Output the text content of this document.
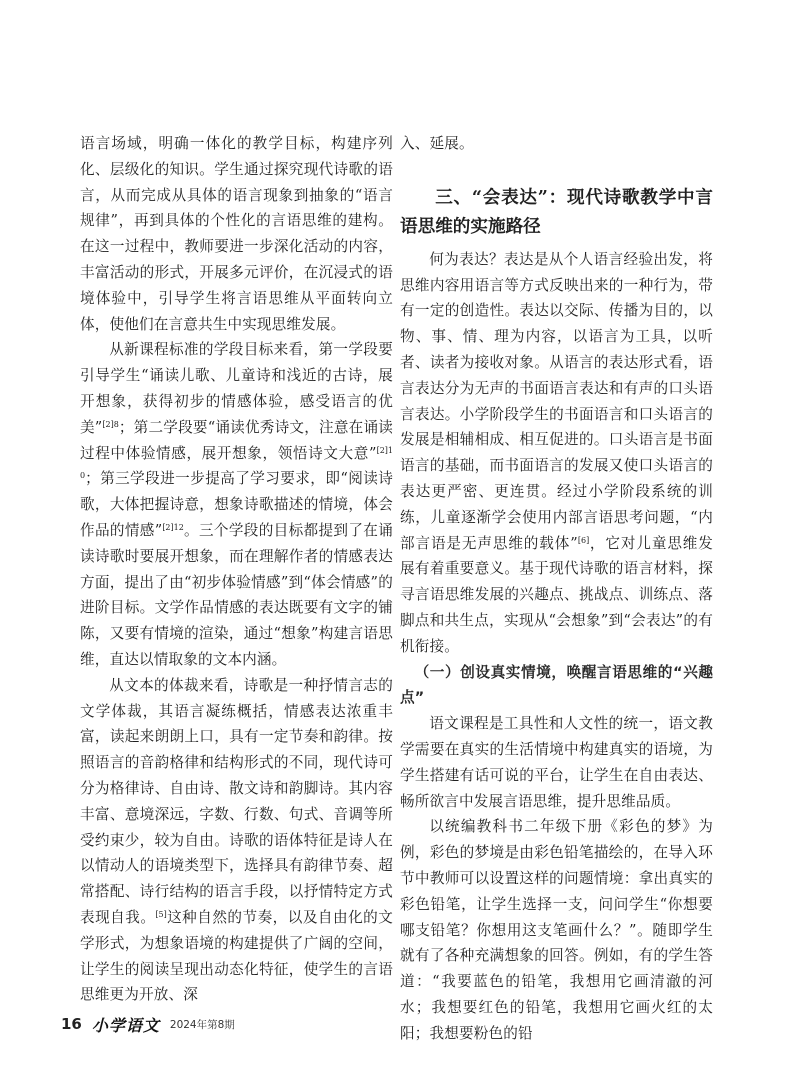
语言场域，明确一体化的教学目标，构建序列化、层级化的知识。学生通过探究现代诗歌的语言，从而完成从具体的语言现象到抽象的“语言规律”，再到具体的个性化的言语思维的建构。在这一过程中，教师要进一步深化活动的内容，丰富活动的形式，开展多元评价，在沉浸式的语境体验中，引导学生将言语思维从平面转向立体，使他们在言意共生中实现思维发展。

从新课程标准的学段目标来看，第一学段要引导学生“诵读儿歌、儿童诗和浅近的古诗，展开想象，获得初步的情感体验，感受语言的优美”$^{[2]8}$；第二学段要“诵读优秀诗文，注意在诵读过程中体验情感，展开想象，领悟诗文大意”$^{[2]10}$；第三学段进一步提高了学习要求，即“阅读诗歌，大体把握诗意，想象诗歌描述的情境，体会作品的情感”$^{[2]12}$。三个学段的目标都提到了在诵读诗歌时要展开想象，而在理解作者的情感表达方面，提出了由“初步体验情感”到“体会情感”的进阶目标。文学作品情感的表达既要有文字的铺陈，又要有情境的渲染，通过“想象”构建言语思维，直达以情取象的文本内涵。

从文本的体裁来看，诗歌是一种抒情言志的文学体裁，其语言凝练概括，情感表达浓重丰富，读起来朗朗上口，具有一定节奏和韵律。按照语言的音韵格律和结构形式的不同，现代诗可分为格律诗、自由诗、散文诗和韵脚诗。其内容丰富、意境深远，字数、行数、句式、音调等所受约束少，较为自由。诗歌的语体特征是诗人在以情动人的语境类型下，选择具有韵律节奏、超常搭配、诗行结构的语言手段，以抒情特定方式表现自我。[5]这种自然的节奏，以及自由化的文学形式，为想象语境的构建提供了广阔的空间，让学生的阅读呈现出动态化特征，使学生的言语思维更为开放、深

入、延展。

三、“会表达”：现代诗歌教学中言语思维的实施路径

何为表达？表达是从个人语言经验出发，将思维内容用语言等方式反映出来的一种行为，带有一定的创造性。表达以交际、传播为目的，以物、事、情、理为内容，以语言为工具，以听者、读者为接收对象。从语言的表达形式看，语言表达分为无声的书面语言表达和有声的口头语言表达。小学阶段学生的书面语言和口头语言的发展是相辅相成、相互促进的。口头语言是书面语言的基础，而书面语言的发展又使口头语言的表达更严密、更连贯。经过小学阶段系统的训练，儿童逐渐学会使用内部言语思考问题，“内部言语是无声思维的载体”[6]，它对儿童思维发展有着重要意义。基于现代诗歌的语言材料，探寻言语思维发展的兴趣点、挑战点、训练点、落脚点和共生点，实现从“会想象”到“会表达”的有机衔接。

（一）创设真实情境，唤醒言语思维的“兴趣点”

语文课程是工具性和人文性的统一，语文教学需要在真实的生活情境中构建真实的语境，为学生搭建有话可说的平台，让学生在自由表达、畅所欲言中发展言语思维，提升思维品质。

以统编教科书二年级下册《彩色的梦》为例，彩色的梦境是由彩色铅笔描绘的，在导入环节中教师可以设置这样的问题情境：拿出真实的彩色铅笔，让学生选择一支，问问学生“你想要哪支铅笔？你想用这支笔画什么？”。随即学生就有了各种充满想象的回答。例如，有的学生答道：“我要蓝色的铅笔，我想用它画清澈的河水；我想要红色的铅笔，我想用它画火红的太阳；我想要粉色的铅

16 小学语文 2024年第8期
